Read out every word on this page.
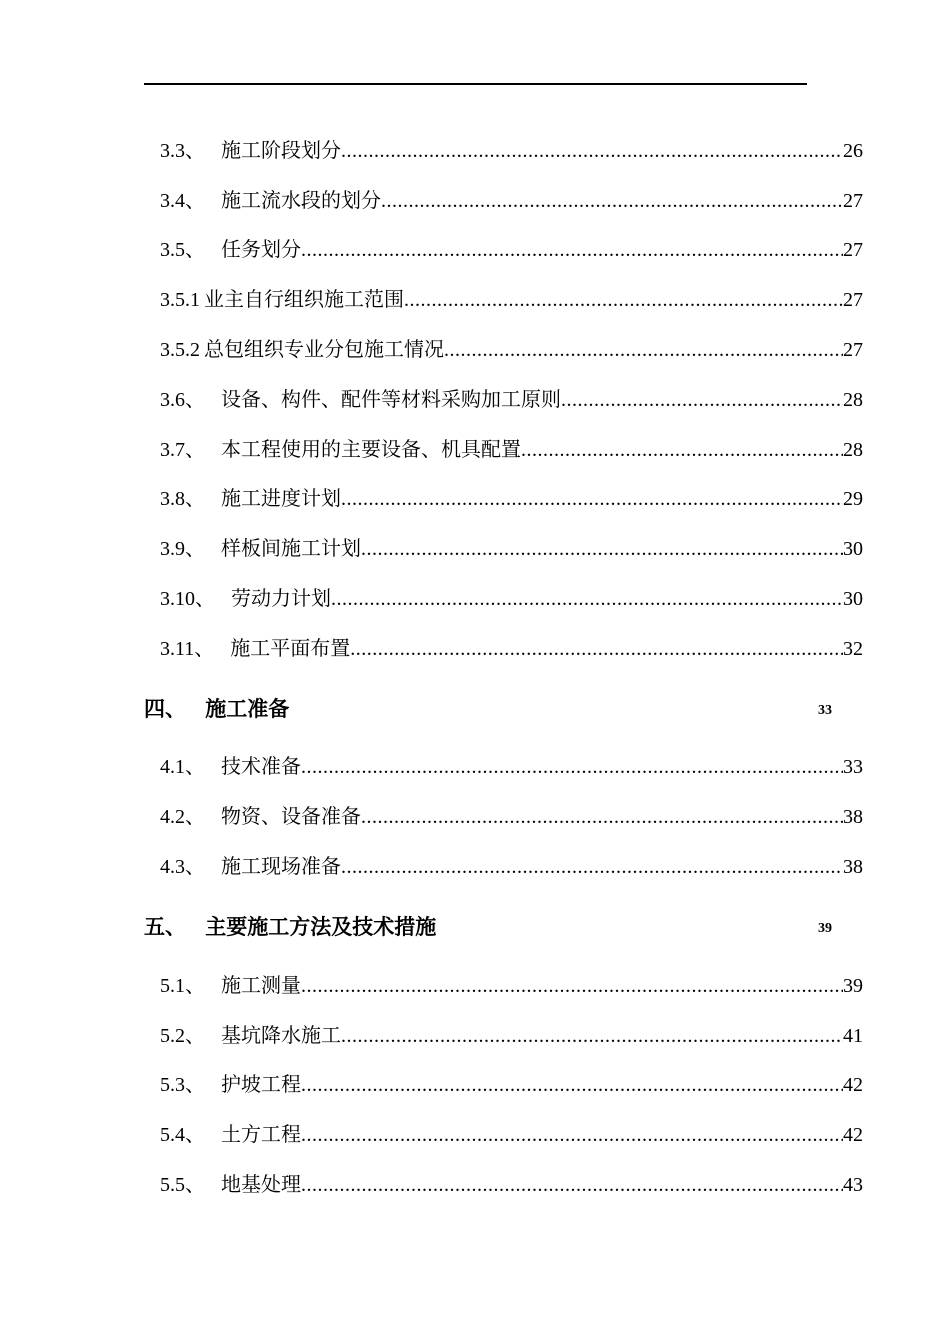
3.3 、 施工阶段划分 .....	26
3.4 、 施工流水段的划分 .....	27
3.5 、 任务划分 .....	27
3.5.1 业主自行组织施工范围 .....	27
3.5.2 总包组织专业分包施工情况 .....	27
3.6 、 设备、构件、配件等材料采购加工原则 .....	28
3.7 、 本工程使用的主要设备、机具配置 .....	28
3.8 、 施工进度计划 .....	29
3.9 、 样板间施工计划 .....	30
3.10 、 劳动力计划 .....	30
3.11 、 施工平面布置 .....	32
四、 施工准备	33
4.1 、 技术准备 .....	33
4.2 、 物资、设备准备 .....	38
4.3 、 施工现场准备 .....	38
五、 主要施工方法及技术措施	39
5.1 、 施工测量 .....	39
5.2 、 基坑降水施工 .....	41
5.3 、 护坡工程 .....	42
5.4 、 土方工程 .....	42
5.5 、 地基处理 .....	43
